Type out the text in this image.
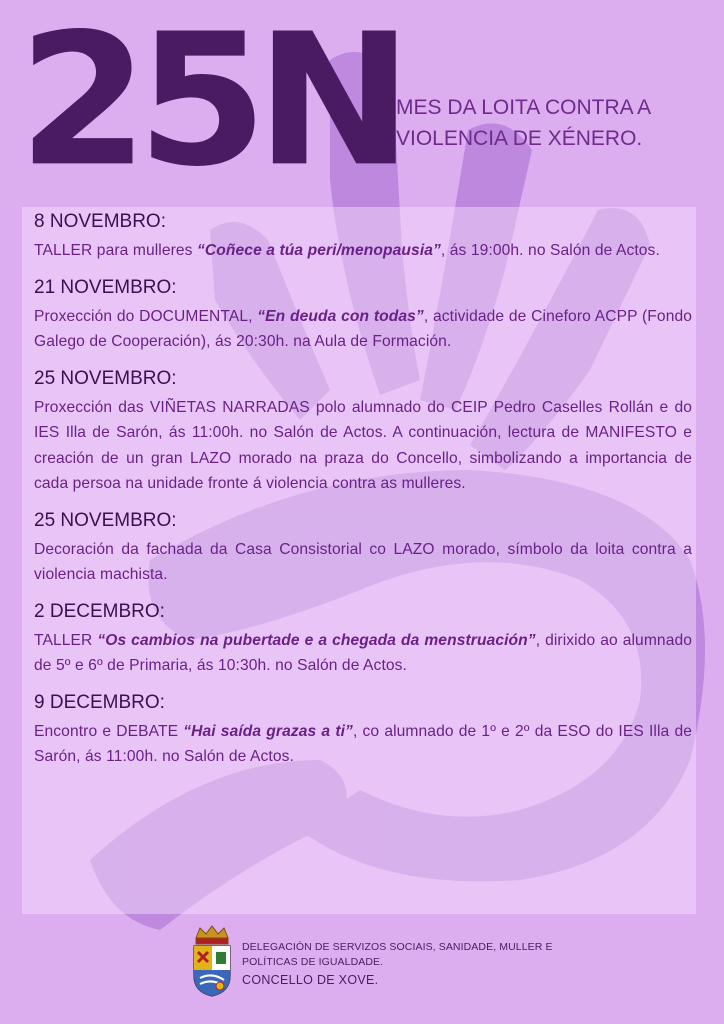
25N
MES DA LOITA CONTRA A
VIOLENCIA DE XÉNERO.
8 NOVEMBRO:

TALLER para mulleres “Coñece a túa peri/menopausia”, ás 19:00h. no Salón de Actos.

21 NOVEMBRO:

Proxección do DOCUMENTAL, “En deuda con todas”, actividade de Cineforo ACPP (Fondo Galego de Cooperación), ás 20:30h. na Aula de Formación.

25 NOVEMBRO:

Proxección das VIÑETAS NARRADAS polo alumnado do CEIP Pedro Caselles Rollán e do IES Illa de Sarón, ás 11:00h. no Salón de Actos. A continuación, lectura de MANIFESTO e creación de un gran LAZO morado na praza do Concello, simbolizando a importancia de cada persoa na unidade fronte á violencia contra as mulleres.

25 NOVEMBRO:

Decoración da fachada da Casa Consistorial co LAZO morado, símbolo da loita contra a violencia machista.

2 DECEMBRO:

TALLER “Os cambios na pubertade e a chegada da menstruación”, dirixido ao alumnado de 5º e 6º de Primaria, ás 10:30h. no Salón de Actos.

9 DECEMBRO:

Encontro e DEBATE “Hai saída grazas a ti”, co alumnado de 1º e 2º da ESO do IES Illa de Sarón, ás 11:00h. no Salón de Actos.

DELEGACIÓN DE SERVIZOS SOCIAIS, SANIDADE, MULLER E
POLÍTICAS DE IGUALDADE.
CONCELLO DE XOVE.
